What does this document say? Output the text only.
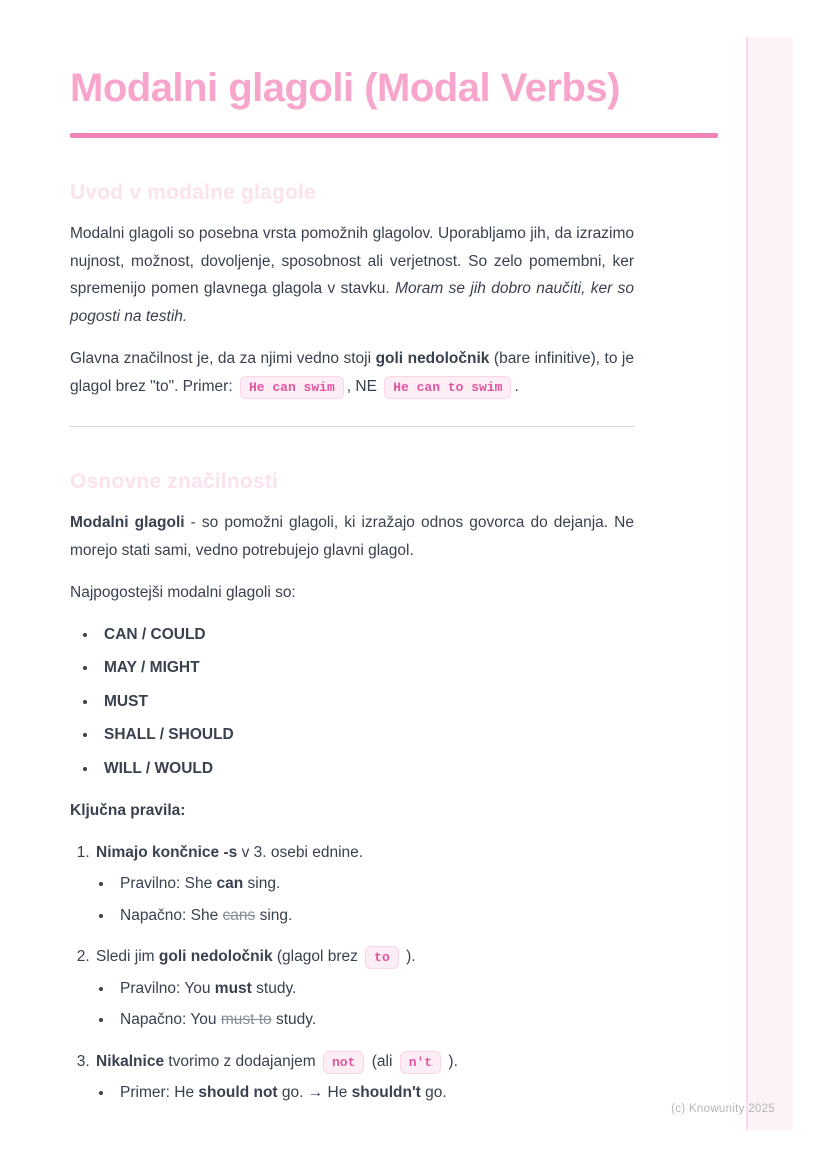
Modalni glagoli (Modal Verbs)
Uvod v modalne glagole

Modalni glagoli so posebna vrsta pomožnih glagolov. Uporabljamo jih, da izrazimo nujnost, možnost, dovoljenje, sposobnost ali verjetnost. So zelo pomembni, ker spremenijo pomen glavnega glagola v stavku. Moram se jih dobro naučiti, ker so pogosti na testih.

Glavna značilnost je, da za njimi vedno stoji goli nedoločnik (bare infinitive), to je glagol brez "to". Primer: He can swim , NE He can to swim .

Osnovne značilnosti

Modalni glagoli - so pomožni glagoli, ki izražajo odnos govorca do dejanja. Ne morejo stati sami, vedno potrebujejo glavni glagol.

Najpogostejši modalni glagoli so:

• CAN / COULD
• MAY / MIGHT
• MUST
• SHALL / SHOULD
• WILL / WOULD

Ključna pravila:

1. Nimajo končnice -s v 3. osebi ednine.
• Pravilno: She can sing.
• Napačno: She cans sing.
2. Sledi jim goli nedoločnik (glagol brez to ).
• Pravilno: You must study.
• Napačno: You must to study.
3. Nikalnice tvorimo z dodajanjem not (ali n't ).
• Primer: He should not go. → He shouldn't go.
(c) Knowunity 2025
